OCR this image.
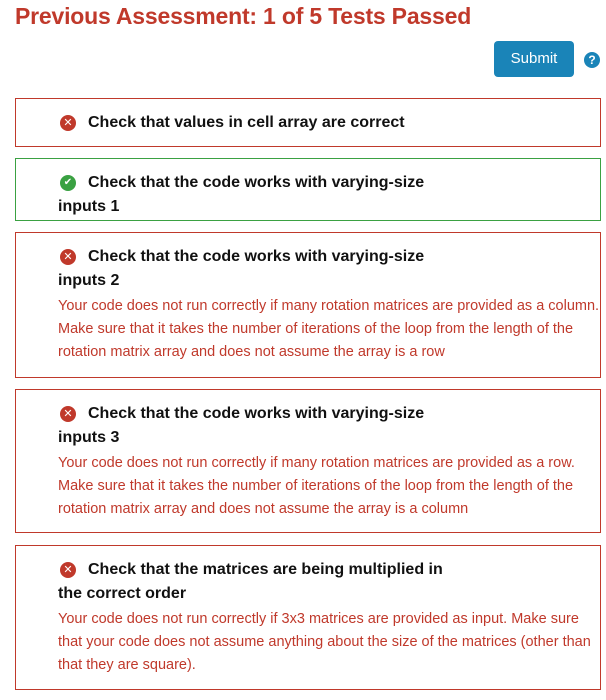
Previous Assessment: 1 of 5 Tests Passed
Submit	?
✕ Check that values in cell array are correct
✔ Check that the code works with varying-size inputs 1
✕ Check that the code works with varying-size inputs 2
Your code does not run correctly if many rotation matrices are provided as a column. Make sure that it takes the number of iterations of the loop from the length of the rotation matrix array and does not assume the array is a row
✕ Check that the code works with varying-size inputs 3
Your code does not run correctly if many rotation matrices are provided as a row. Make sure that it takes the number of iterations of the loop from the length of the rotation matrix array and does not assume the array is a column
✕ Check that the matrices are being multiplied in the correct order
Your code does not run correctly if 3x3 matrices are provided as input. Make sure that your code does not assume anything about the size of the matrices (other than that they are square).
